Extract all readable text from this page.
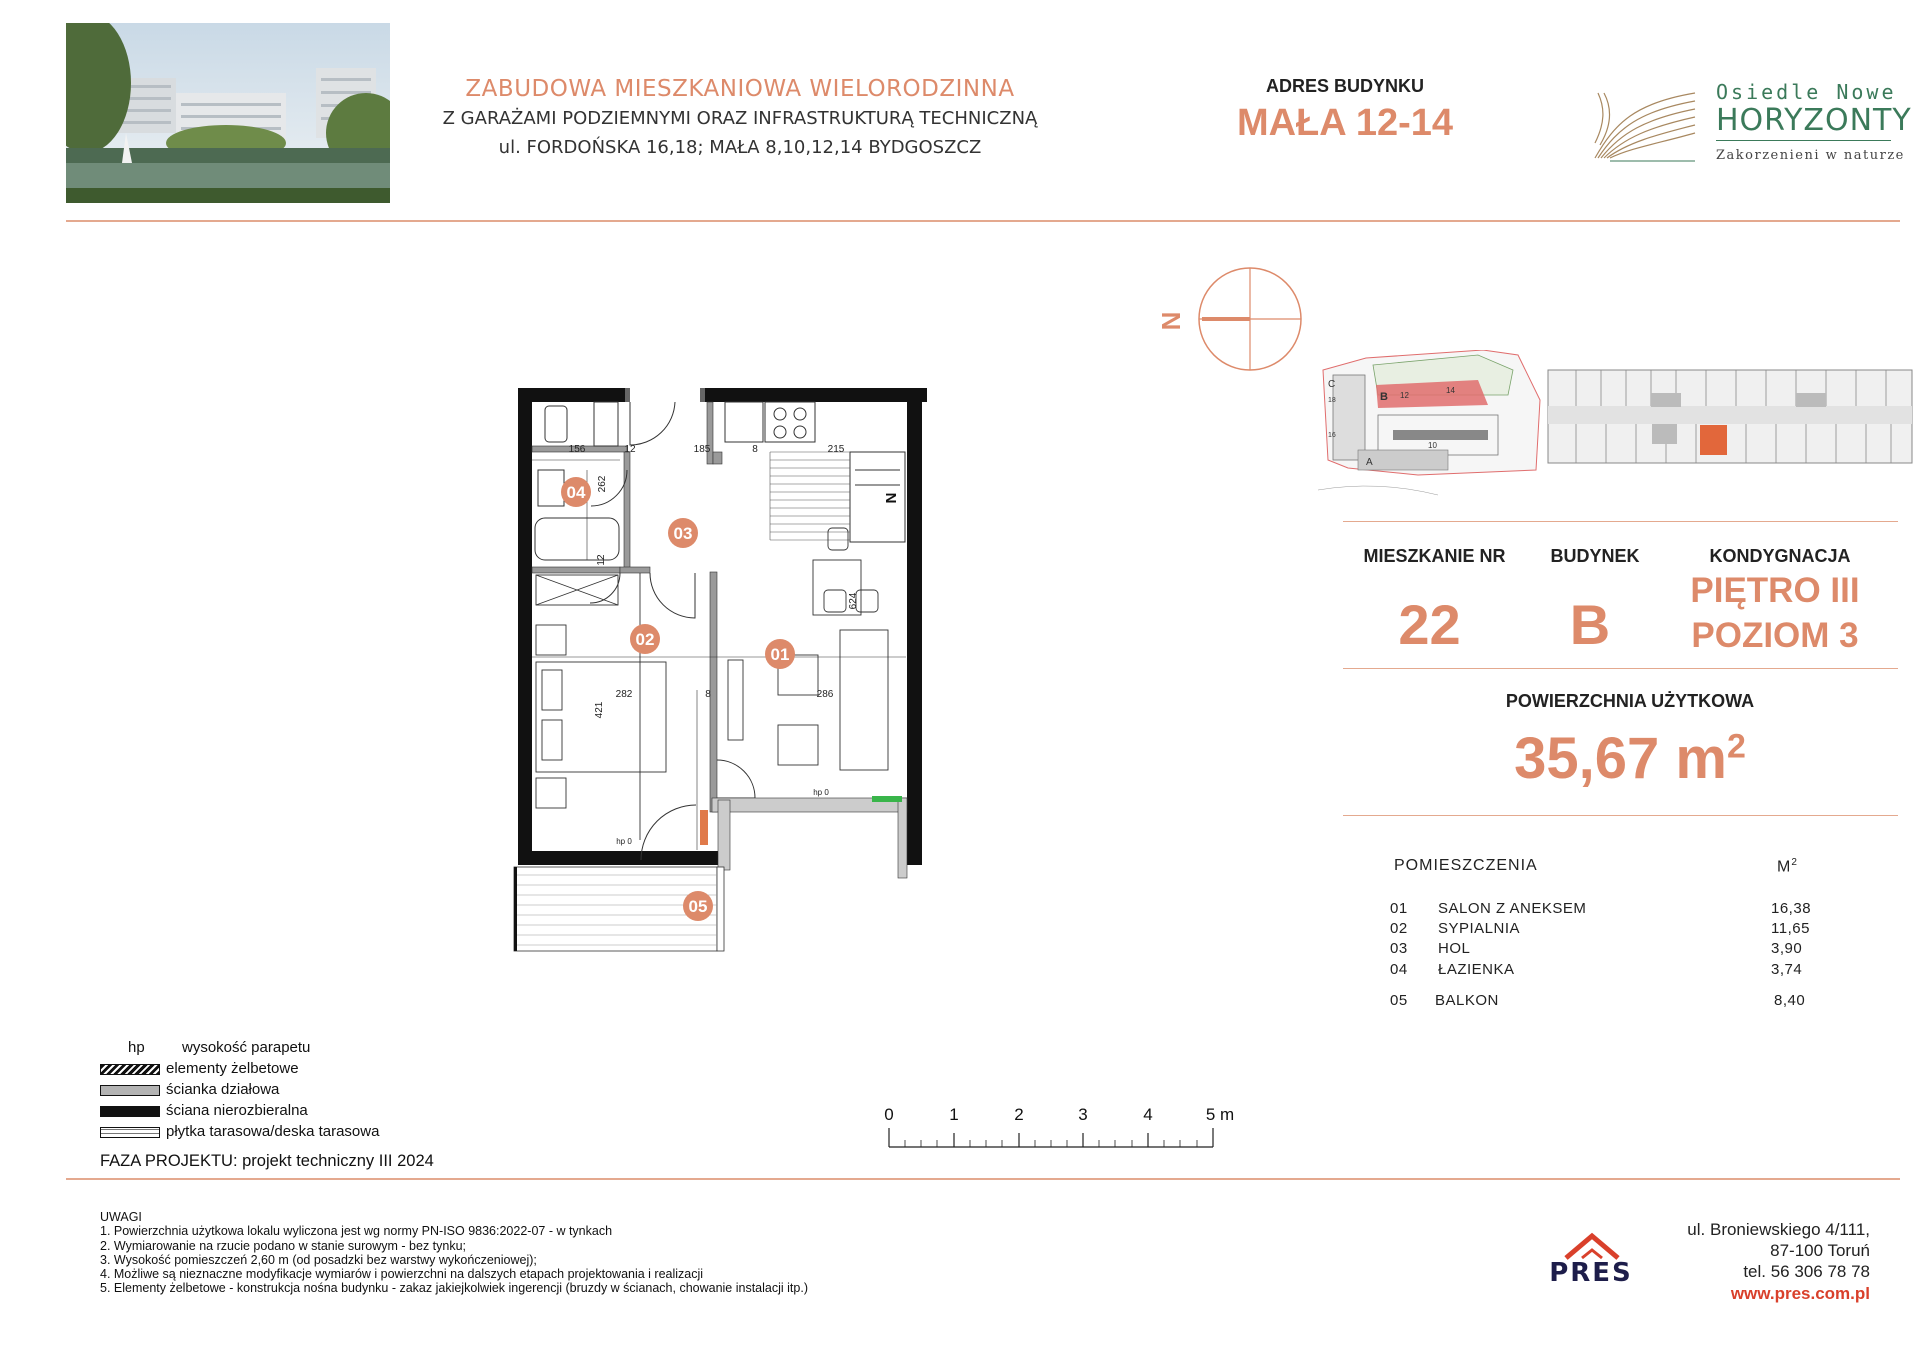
ZABUDOWA MIESZKANIOWA WIELORODZINNA
Z GARAŻAMI PODZIEMNYMI ORAZ INFRASTRUKTURĄ TECHNICZNĄ
ul. FORDOŃSKA 16,18; MAŁA 8,10,12,14 BYDGOSZCZ
ADRES BUDYNKU
MAŁA 12-14
Osiedle Nowe
HORYZONTY
Zakorzenieni w naturze
N
C
B 12
14
10
A
18
16
MIESZKANIE NR
22
BUDYNEK
B
KONDYGNACJA
PIĘTRO III
POZIOM 3
POWIERZCHNIA UŻYTKOWA
35,67 $m^2$
POMIESZCZENIA	$M^2$
01 SALON Z ANEKSEM	16,38
02 SYPIALNIA	11,65
03 HOL	3,90
04 ŁAZIENKA	3,74
05 BALKON	8,40
01
02
03
04
05
156	12	185	8	215
262
12
624
282	8	286
421
hp 0
hp 0
N
hp wysokość parapetu
elementy żelbetowe
ścianka działowa
ściana nierozbieralna
płytka tarasowa/deska tarasowa
FAZA PROJEKTU: projekt techniczny III 2024
0	1	2	3	4	5 m
UWAGI
1. Powierzchnia użytkowa lokalu wyliczona jest wg normy PN-ISO 9836:2022-07 - w tynkach
2. Wymiarowanie na rzucie podano w stanie surowym - bez tynku;
3. Wysokość pomieszczeń 2,60 m (od posadzki bez warstwy wykończeniowej);
4. Możliwe są nieznaczne modyfikacje wymiarów i powierzchni na dalszych etapach projektowania i realizacji
5. Elementy żelbetowe - konstrukcja nośna budynku - zakaz jakiejkolwiek ingerencji (bruzdy w ścianach, chowanie instalacji itp.)
PRES
ul. Broniewskiego 4/111,
87-100 Toruń
tel. 56 306 78 78
www.pres.com.pl
